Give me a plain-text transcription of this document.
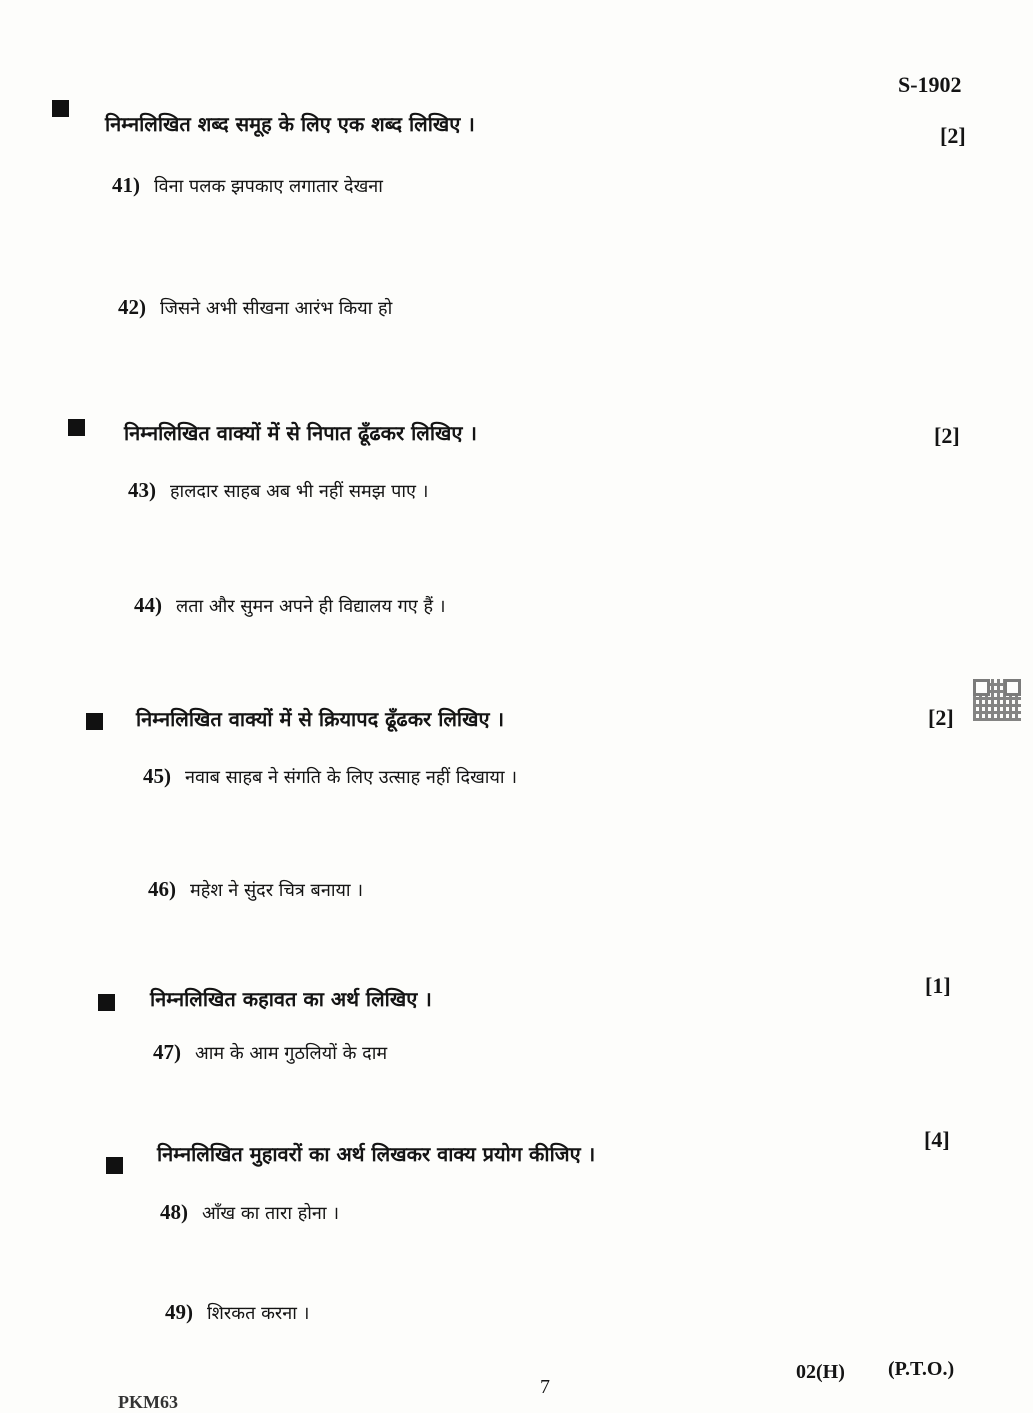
S-1902
निम्नलिखित शब्द समूह के लिए एक शब्द लिखिए ।	[2]
41) विना पलक झपकाए लगातार देखना
42) जिसने अभी सीखना आरंभ किया हो
निम्नलिखित वाक्यों में से निपात ढूँढकर लिखिए ।	[2]
43) हालदार साहब अब भी नहीं समझ पाए ।
44) लता और सुमन अपने ही विद्यालय गए हैं ।
निम्नलिखित वाक्यों में से क्रियापद ढूँढकर लिखिए ।	[2]
45) नवाब साहब ने संगति के लिए उत्साह नहीं दिखाया ।
46) महेश ने सुंदर चित्र बनाया ।
निम्नलिखित कहावत का अर्थ लिखिए ।
[1]
47) आम के आम गुठलियों के दाम
निम्नलिखित मुहावरों का अर्थ लिखकर वाक्य प्रयोग कीजिए ।
[4]
48) आँख का तारा होना ।
49) शिरकत करना ।
02(H) (P.T.O.)
7
PKM63
